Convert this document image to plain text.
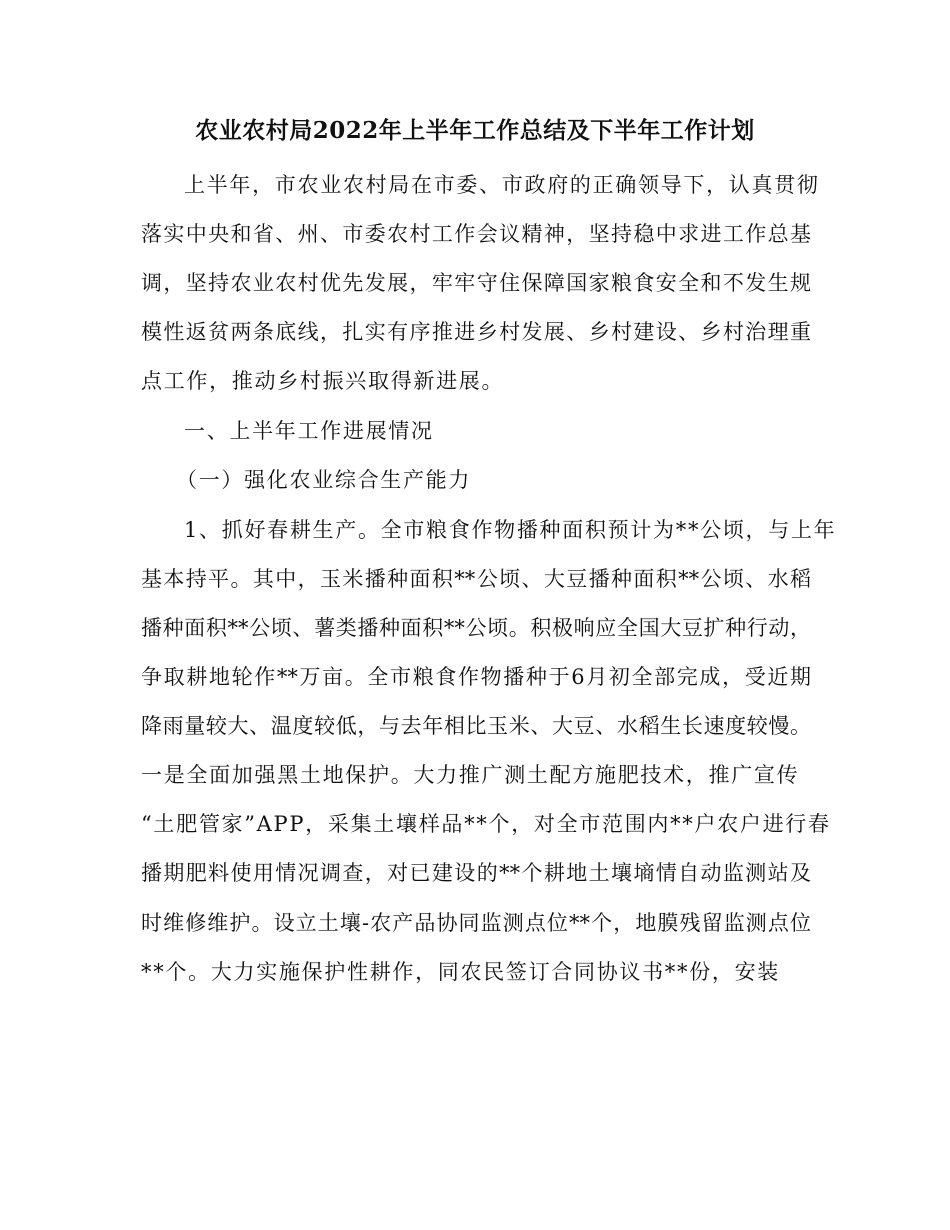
农业农村局2022年上半年工作总结及下半年工作计划
上半年，市农业农村局在市委、市政府的正确领导下，认真贯彻
落实中央和省、州、市委农村工作会议精神，坚持稳中求进工作总基
调，坚持农业农村优先发展，牢牢守住保障国家粮食安全和不发生规
模性返贫两条底线，扎实有序推进乡村发展、乡村建设、乡村治理重
点工作，推动乡村振兴取得新进展。
一、上半年工作进展情况
（一）强化农业综合生产能力
1、抓好春耕生产。全市粮食作物播种面积预计为**公顷，与上年
基本持平。其中，玉米播种面积**公顷、大豆播种面积**公顷、水稻
播种面积**公顷、薯类播种面积**公顷。积极响应全国大豆扩种行动，
争取耕地轮作**万亩。全市粮食作物播种于6月初全部完成，受近期
降雨量较大、温度较低，与去年相比玉米、大豆、水稻生长速度较慢。
一是全面加强黑土地保护。大力推广测土配方施肥技术，推广宣传
“土肥管家”APP，采集土壤样品**个，对全市范围内**户农户进行春
播期肥料使用情况调查，对已建设的**个耕地土壤墒情自动监测站及
时维修维护。设立土壤-农产品协同监测点位**个，地膜残留监测点位
**个。大力实施保护性耕作，同农民签订合同协议书**份，安装
